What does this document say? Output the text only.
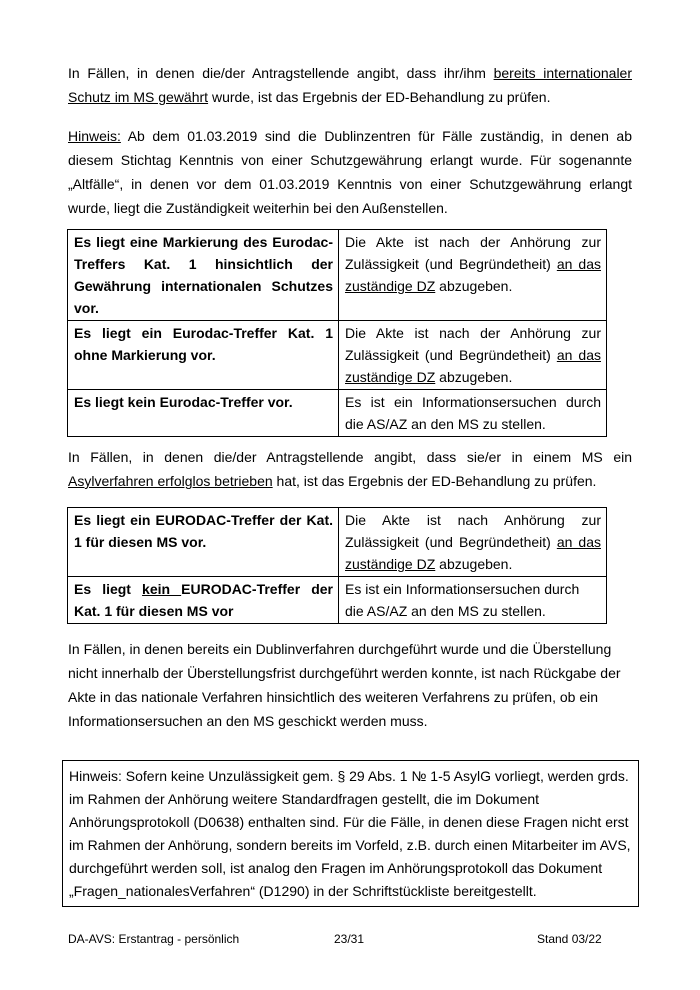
In Fällen, in denen die/der Antragstellende angibt, dass ihr/ihm bereits internationaler Schutz im MS gewährt wurde, ist das Ergebnis der ED-Behandlung zu prüfen.
Hinweis: Ab dem 01.03.2019 sind die Dublinzentren für Fälle zuständig, in denen ab diesem Stichtag Kenntnis von einer Schutzgewährung erlangt wurde. Für sogenannte „Altfälle“, in denen vor dem 01.03.2019 Kenntnis von einer Schutzgewährung erlangt wurde, liegt die Zuständigkeit weiterhin bei den Außenstellen.
Es liegt eine Markierung des Eurodac-Treffers Kat. 1 hinsichtlich der Gewährung internationalen Schutzes vor.	Die Akte ist nach der Anhörung zur Zulässigkeit (und Begründetheit) an das zuständige DZ abzugeben.
Es liegt ein Eurodac-Treffer Kat. 1 ohne Markierung vor.	Die Akte ist nach der Anhörung zur Zulässigkeit (und Begründetheit) an das zuständige DZ abzugeben.
Es liegt kein Eurodac-Treffer vor.	Es ist ein Informationsersuchen durch die AS/AZ an den MS zu stellen.
In Fällen, in denen die/der Antragstellende angibt, dass sie/er in einem MS ein Asylverfahren erfolglos betrieben hat, ist das Ergebnis der ED-Behandlung zu prüfen.
Es liegt ein EURODAC-Treffer der Kat. 1 für diesen MS vor.	Die Akte ist nach Anhörung zur Zulässigkeit (und Begründetheit) an das zuständige DZ abzugeben.
Es liegt kein EURODAC-Treffer der Kat. 1 für diesen MS vor	Es ist ein Informationsersuchen durch die AS/AZ an den MS zu stellen.
In Fällen, in denen bereits ein Dublinverfahren durchgeführt wurde und die Überstellung nicht innerhalb der Überstellungsfrist durchgeführt werden konnte, ist nach Rückgabe der Akte in das nationale Verfahren hinsichtlich des weiteren Verfahrens zu prüfen, ob ein Informationsersuchen an den MS geschickt werden muss.
Hinweis: Sofern keine Unzulässigkeit gem. § 29 Abs. 1 № 1-5 AsylG vorliegt, werden grds. im Rahmen der Anhörung weitere Standardfragen gestellt, die im Dokument Anhörungsprotokoll (D0638) enthalten sind. Für die Fälle, in denen diese Fragen nicht erst im Rahmen der Anhörung, sondern bereits im Vorfeld, z.B. durch einen Mitarbeiter im AVS, durchgeführt werden soll, ist analog den Fragen im Anhörungsprotokoll das Dokument „Fragen_nationalesVerfahren“ (D1290) in der Schriftstückliste bereitgestellt.
DA-AVS: Erstantrag - persönlich	23/31	Stand 03/22
